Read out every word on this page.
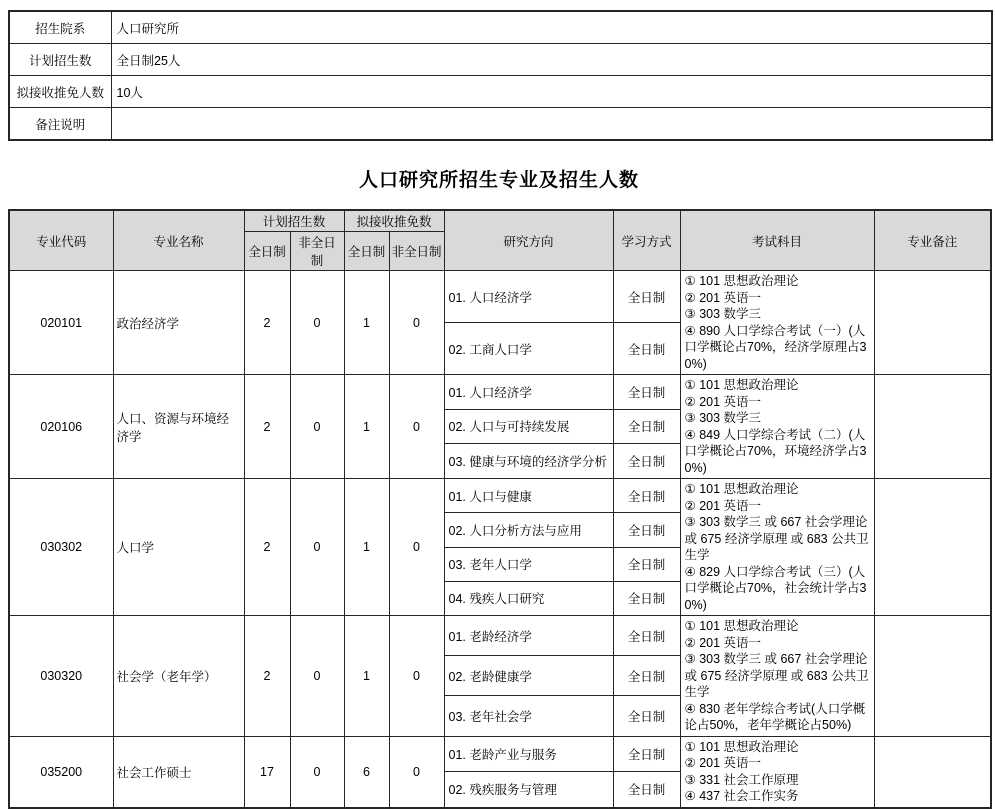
招生院系	人口研究所
计划招生数	全日制25人
拟接收推免人数	10人
备注说明	
人口研究所招生专业及招生人数
专业代码	专业名称	计划招生数		拟接收推免数		研究方向	学习方式	考试科目	专业备注
		全日制	非全日制	全日制	非全日制				
020101	政治经济学	2	0	1	0	01. 人口经济学	全日制	① 101 思想政治理论
② 201 英语一
③ 303 数学三
④ 890 人口学综合考试（一）(人口学概论占70%，经济学原理占30%)	

						02. 工商人口学	全日制		
020106	人口、资源与环境经济学	2	0	1	0	01. 人口经济学	全日制	① 101 思想政治理论
② 201 英语一
③ 303 数学三
④ 849 人口学综合考试（二）(人口学概论占70%，环境经济学占30%)	

						02. 人口与可持续发展	全日制		
						03. 健康与环境的经济学分析	全日制		
030302	人口学	2	0	1	0	01. 人口与健康	全日制	① 101 思想政治理论
② 201 英语一
③ 303 数学三 或 667 社会学理论 或 675 经济学原理 或 683 公共卫生学
④ 829 人口学综合考试（三）(人口学概论占70%，社会统计学占30%)	

						02. 人口分析方法与应用	全日制		
						03. 老年人口学	全日制		
						04. 残疾人口研究	全日制		
030320	社会学（老年学）	2	0	1	0	01. 老龄经济学	全日制	① 101 思想政治理论
② 201 英语一
③ 303 数学三 或 667 社会学理论 或 675 经济学原理 或 683 公共卫生学
④ 830 老年学综合考试(人口学概论占50%，老年学概论占50%)	

						02. 老龄健康学	全日制		
						03. 老年社会学	全日制		
035200	社会工作硕士	17	0	6	0	01. 老龄产业与服务	全日制	① 101 思想政治理论
② 201 英语一
③ 331 社会工作原理
④ 437 社会工作实务	

						02. 残疾服务与管理	全日制		
